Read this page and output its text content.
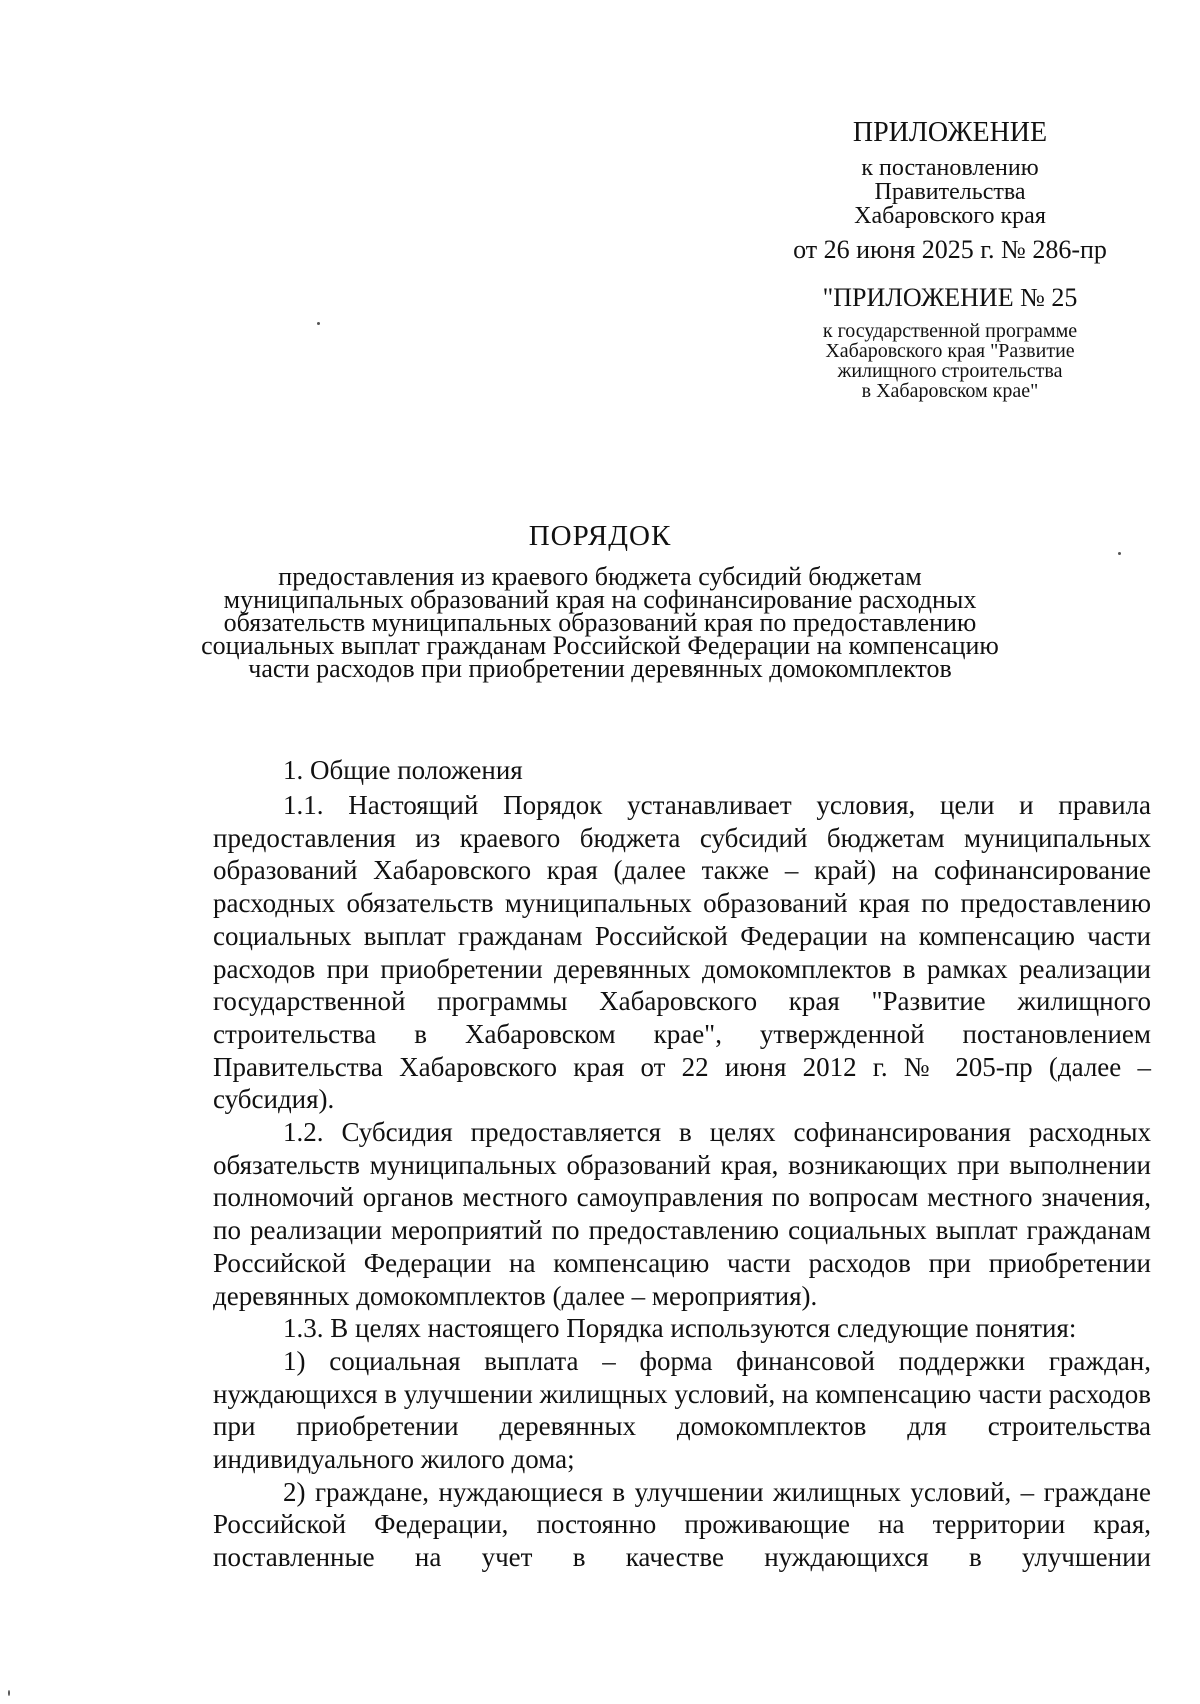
ПРИЛОЖЕНИЕ
к постановлению
Правительства
Хабаровского края
от 26 июня 2025 г. № 286-пр
"ПРИЛОЖЕНИЕ № 25
к государственной программе
Хабаровского края "Развитие
жилищного строительства
в Хабаровском крае"
ПОРЯДОК
предоставления из краевого бюджета субсидий бюджетам
муниципальных образований края на софинансирование расходных
обязательств муниципальных образований края по предоставлению
социальных выплат гражданам Российской Федерации на компенсацию
части расходов при приобретении деревянных домокомплектов
1. Общие положения

1.1. Настоящий Порядок устанавливает условия, цели и правила предоставления из краевого бюджета субсидий бюджетам муниципальных образований Хабаровского края (далее также – край) на софинансирование расходных обязательств муниципальных образований края по предоставлению социальных выплат гражданам Российской Федерации на компенсацию части расходов при приобретении деревянных домокомплектов в рамках реализации государственной программы Хабаровского края "Развитие жилищного строительства в Хабаровском крае", утвержденной постановлением Правительства Хабаровского края от 22 июня 2012 г. № 205-пр (далее – субсидия).

1.2. Субсидия предоставляется в целях софинансирования расходных обязательств муниципальных образований края, возникающих при выполнении полномочий органов местного самоуправления по вопросам местного значения, по реализации мероприятий по предоставлению социальных выплат гражданам Российской Федерации на компенсацию части расходов при приобретении деревянных домокомплектов (далее – мероприятия).

1.3. В целях настоящего Порядка используются следующие понятия:

1) социальная выплата – форма финансовой поддержки граждан, нуждающихся в улучшении жилищных условий, на компенсацию части расходов при приобретении деревянных домокомплектов для строительства индивидуального жилого дома;

2) граждане, нуждающиеся в улучшении жилищных условий, – граждане Российской Федерации, постоянно проживающие на территории края, поставленные на учет в качестве нуждающихся в улучшении
